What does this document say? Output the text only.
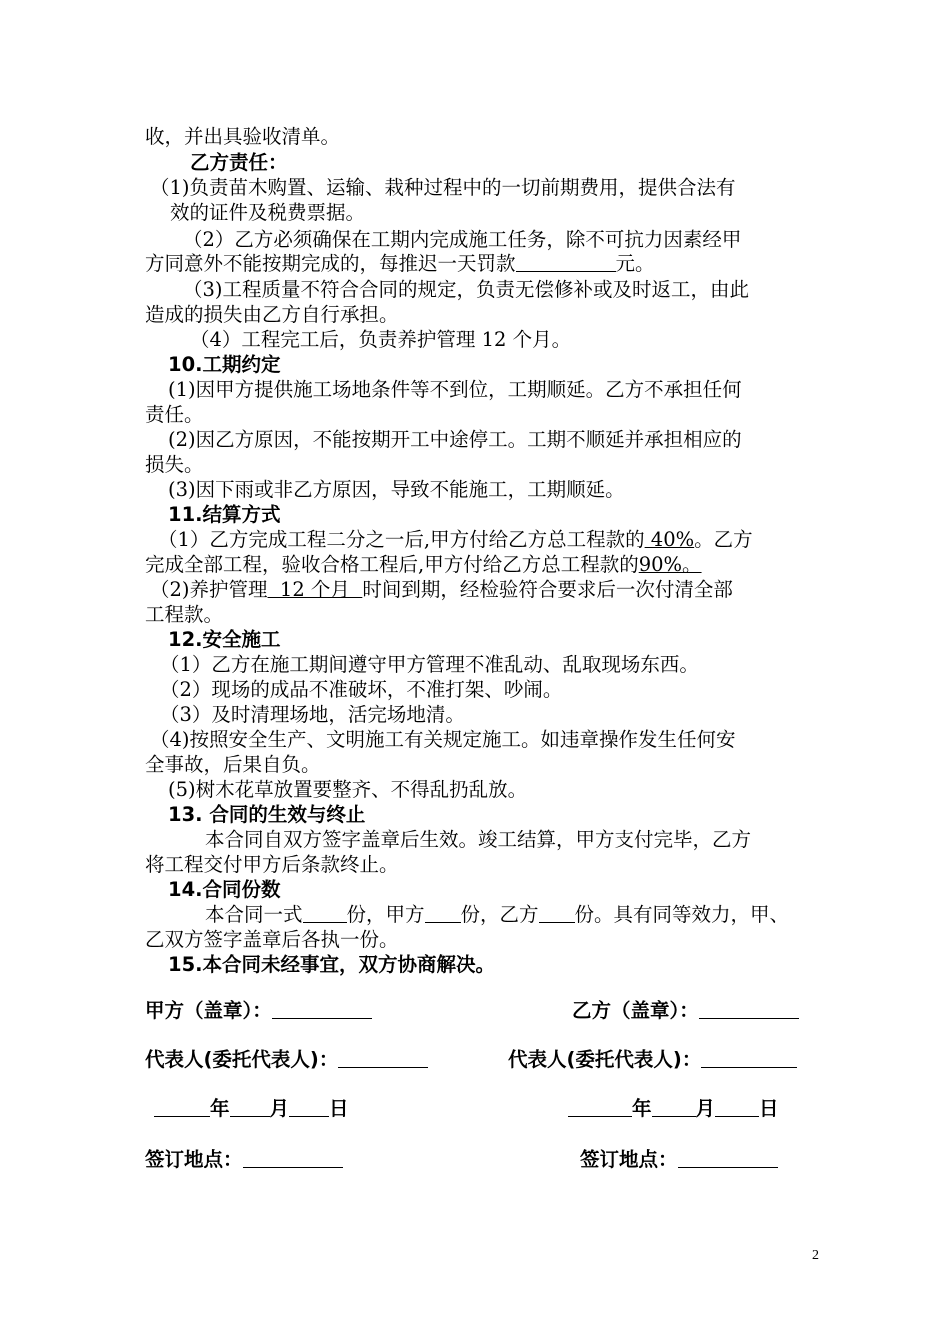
收，并出具验收清单。
乙方责任：
（1)负责苗木购置、运输、栽种过程中的一切前期费用，提供合法有
效的证件及税费票据。
（2）乙方必须确保在工期内完成施工任务，除不可抗力因素经甲
方同意外不能按期完成的，每推迟一天罚款	元。
（3)工程质量不符合合同的规定，负责无偿修补或及时返工，由此
造成的损失由乙方自行承担。
（4）工程完工后，负责养护管理 12 个月。
10.工期约定
(1)因甲方提供施工场地条件等不到位，工期顺延。乙方不承担任何
责任。
(2)因乙方原因，不能按期开工中途停工。工期不顺延并承担相应的
损失。
(3)因下雨或非乙方原因，导致不能施工，工期顺延。
11.结算方式
（1）乙方完成工程二分之一后,甲方付给乙方总工程款的 40%。乙方
完成全部工程，验收合格工程后,甲方付给乙方总工程款的90%。
（2)养护管理  12 个月  时间到期，经检验符合要求后一次付清全部
工程款。
12.安全施工
（1）乙方在施工期间遵守甲方管理不准乱动、乱取现场东西。
（2）现场的成品不准破坏，不准打架、吵闹。
（3）及时清理场地，活完场地清。
（4)按照安全生产、文明施工有关规定施工。如违章操作发生任何安
全事故，后果自负。
(5)树木花草放置要整齐、不得乱扔乱放。
13. 合同的生效与终止
本合同自双方签字盖章后生效。竣工结算，甲方支付完毕，乙方
将工程交付甲方后条款终止。
14.合同份数
本合同一式 份，甲方 份，乙方 份。具有同等效力，甲、
乙双方签字盖章后各执一份。
15.本合同未经事宜，双方协商解决。
甲方（盖章）：	乙方（盖章）：
代表人(委托代表人)：	代表人(委托代表人)：
年 月 日	年 月 日
签订地点：	签订地点：
2
